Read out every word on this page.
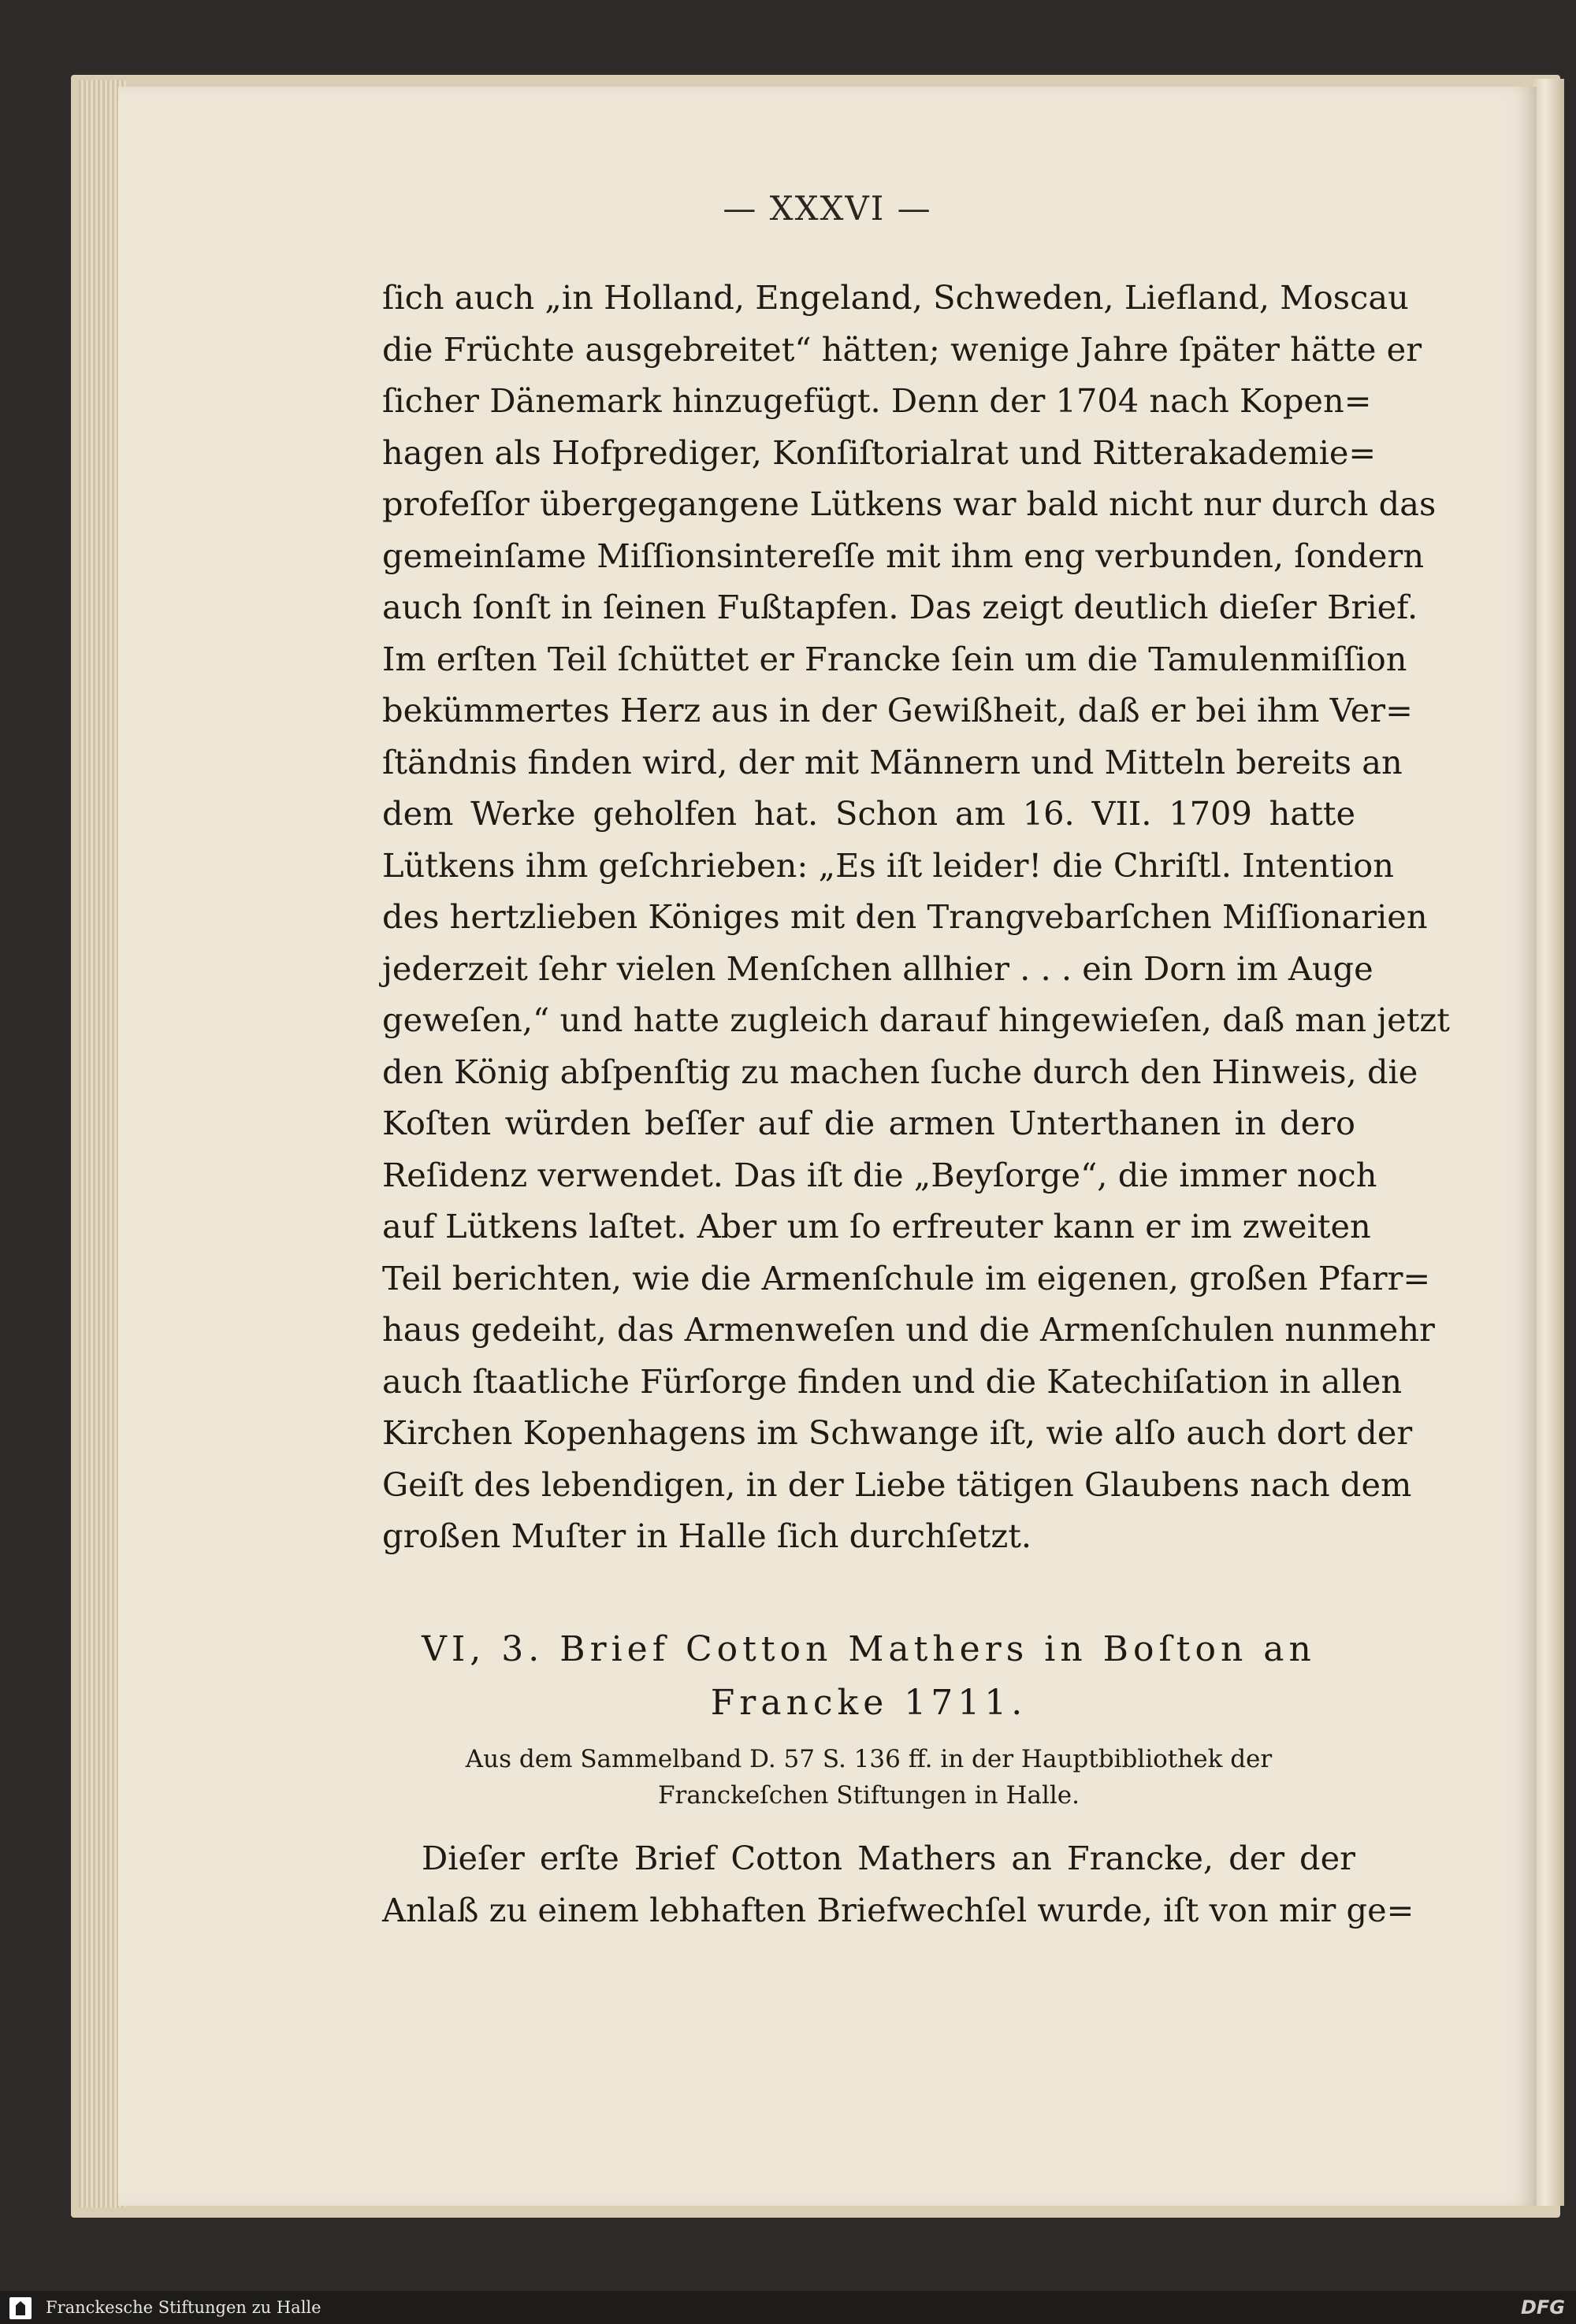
— XXXVI —
ſich auch „in Holland, Engeland, Schweden, Liefland, Moscau
die Früchte ausgebreitet“ hätten; wenige Jahre ſpäter hätte er
ſicher Dänemark hinzugefügt. Denn der 1704 nach Kopen=
hagen als Hofprediger, Konſiſtorialrat und Ritterakademie=
profeſſor übergegangene Lütkens war bald nicht nur durch das
gemeinſame Miſſionsintereſſe mit ihm eng verbunden, ſondern
auch ſonſt in ſeinen Fußtapfen. Das zeigt deutlich dieſer Brief.
Im erſten Teil ſchüttet er Francke ſein um die Tamulenmiſſion
bekümmertes Herz aus in der Gewißheit, daß er bei ihm Ver=
ſtändnis finden wird, der mit Männern und Mitteln bereits an
dem Werke geholfen hat. Schon am 16. VII. 1709 hatte
Lütkens ihm geſchrieben: „Es iſt leider! die Chriſtl. Intention
des hertzlieben Königes mit den Trangvebarſchen Miſſionarien
jederzeit ſehr vielen Menſchen allhier . . . ein Dorn im Auge
geweſen,“ und hatte zugleich darauf hingewieſen, daß man jetzt
den König abſpenſtig zu machen ſuche durch den Hinweis, die
Koſten würden beſſer auf die armen Unterthanen in dero
Reſidenz verwendet. Das iſt die „Beyſorge“, die immer noch
auf Lütkens laſtet. Aber um ſo erfreuter kann er im zweiten
Teil berichten, wie die Armenſchule im eigenen, großen Pfarr=
haus gedeiht, das Armenweſen und die Armenſchulen nunmehr
auch ſtaatliche Fürſorge finden und die Katechiſation in allen
Kirchen Kopenhagens im Schwange iſt, wie alſo auch dort der
Geiſt des lebendigen, in der Liebe tätigen Glaubens nach dem
großen Muſter in Halle ſich durchſetzt.
VI, 3. Brief Cotton Mathers in Boſton an
Francke 1711.
Aus dem Sammelband D. 57 S. 136 ff. in der Hauptbibliothek der
Franckeſchen Stiftungen in Halle.
Dieſer erſte Brief Cotton Mathers an Francke, der der
Anlaß zu einem lebhaften Briefwechſel wurde, iſt von mir ge=
Franckesche Stiftungen zu Halle	DFG
